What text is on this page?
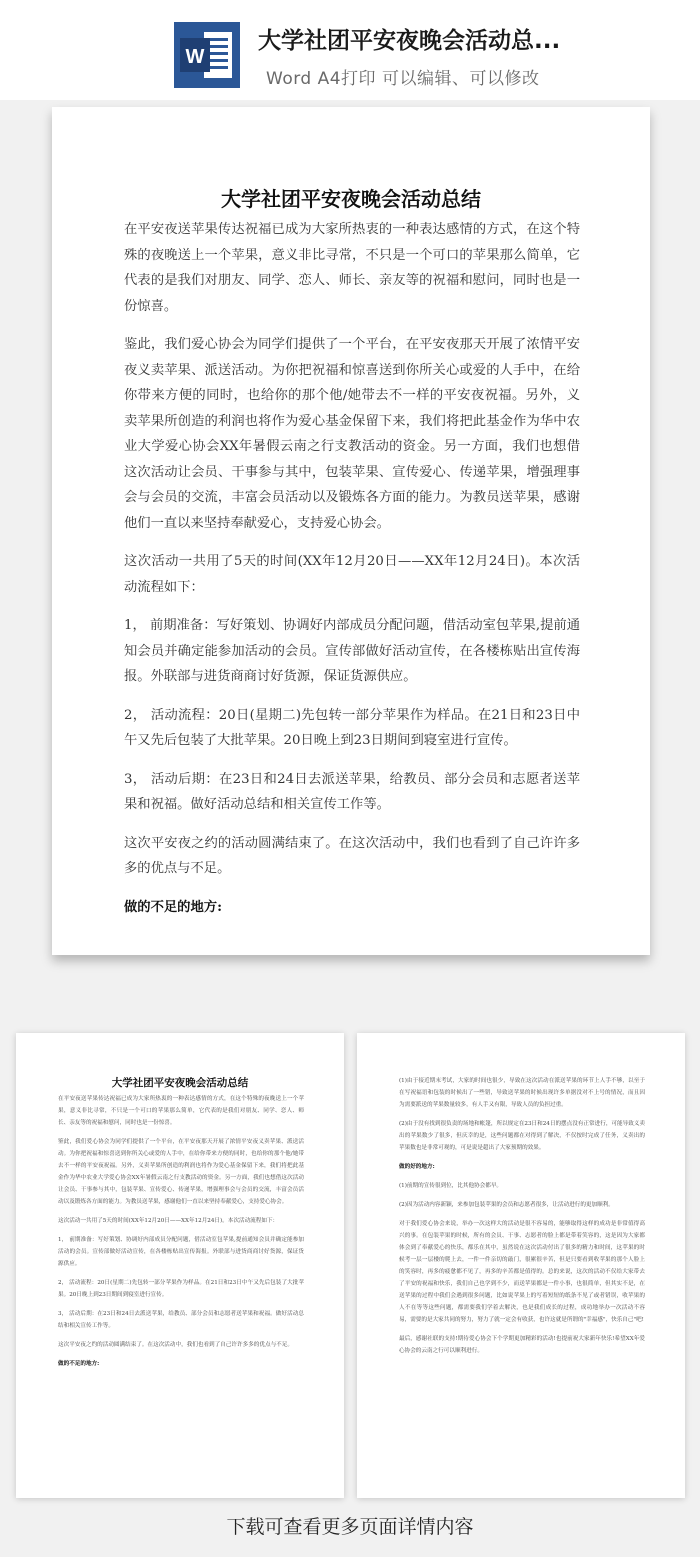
W
大学社团平安夜晚会活动总...
Word A4打印 可以编辑、可以修改
大学社团平安夜晚会活动总结

在平安夜送苹果传达祝福已成为大家所热衷的一种表达感情的方式，在这个特殊的夜晚送上一个苹果，意义非比寻常，不只是一个可口的苹果那么简单，它代表的是我们对朋友、同学、恋人、师长、亲友等的祝福和慰问，同时也是一份惊喜。

鉴此，我们爱心协会为同学们提供了一个平台，在平安夜那天开展了浓情平安夜义卖苹果、派送活动。为你把祝福和惊喜送到你所关心或爱的人手中，在给你带来方便的同时，也给你的那个他/她带去不一样的平安夜祝福。另外，义卖苹果所创造的利润也将作为爱心基金保留下来，我们将把此基金作为华中农业大学爱心协会XX年暑假云南之行支教活动的资金。另一方面，我们也想借这次活动让会员、干事参与其中，包装苹果、宣传爱心、传递苹果，增强理事会与会员的交流，丰富会员活动以及锻炼各方面的能力。为教员送苹果，感谢他们一直以来坚持奉献爱心，支持爱心协会。

这次活动一共用了5天的时间(XX年12月20日——XX年12月24日)。本次活动流程如下：

1， 前期准备：写好策划、协调好内部成员分配问题，借活动室包苹果,提前通知会员并确定能参加活动的会员。宣传部做好活动宣传，在各楼栋贴出宣传海报。外联部与进货商商讨好货源，保证货源供应。

2， 活动流程：20日(星期二)先包转一部分苹果作为样品。在21日和23日中午又先后包装了大批苹果。20日晚上到23日期间到寝室进行宣传。

3， 活动后期：在23日和24日去派送苹果，给教员、部分会员和志愿者送苹果和祝福。做好活动总结和相关宣传工作等。

这次平安夜之约的活动圆满结束了。在这次活动中，我们也看到了自己许许多多的优点与不足。

做的不足的地方:

大学社团平安夜晚会活动总结

在平安夜送苹果传达祝福已成为大家所热衷的一种表达感情的方式，在这个特殊的夜晚送上一个苹果，意义非比寻常，不只是一个可口的苹果那么简单，它代表的是我们对朋友、同学、恋人、师长、亲友等的祝福和慰问，同时也是一份惊喜。

鉴此，我们爱心协会为同学们提供了一个平台，在平安夜那天开展了浓情平安夜义卖苹果、派送活动。为你把祝福和惊喜送到你所关心或爱的人手中，在给你带来方便的同时，也给你的那个他/她带去不一样的平安夜祝福。另外，义卖苹果所创造的利润也将作为爱心基金保留下来，我们将把此基金作为华中农业大学爱心协会XX年暑假云南之行支教活动的资金。另一方面，我们也想借这次活动让会员、干事参与其中，包装苹果、宣传爱心、传递苹果，增强理事会与会员的交流，丰富会员活动以及锻炼各方面的能力。为教员送苹果，感谢他们一直以来坚持奉献爱心，支持爱心协会。

这次活动一共用了5天的时间(XX年12月20日——XX年12月24日)。本次活动流程如下：

1， 前期准备：写好策划、协调好内部成员分配问题，借活动室包苹果,提前通知会员并确定能参加活动的会员。宣传部做好活动宣传，在各楼栋贴出宣传海报。外联部与进货商商讨好货源，保证货源供应。

2， 活动流程：20日(星期二)先包转一部分苹果作为样品。在21日和23日中午又先后包装了大批苹果。20日晚上到23日期间到寝室进行宣传。

3， 活动后期：在23日和24日去派送苹果，给教员、部分会员和志愿者送苹果和祝福。做好活动总结和相关宣传工作等。

这次平安夜之约的活动圆满结束了。在这次活动中，我们也看到了自己许许多多的优点与不足。

做的不足的地方:

(1)由于接近期末考试，大家的时间也很少，导致在这次活动在派送苹果的环节上人手不够，以至于在写祝福语和包装的时候出了一些错，导致送苹果的时候出现许多单据没对不上号的情况，而且因为需要派送的苹果数量较多，有人手又有限，导致人员的负担过重。

(2)由于没有找到很负责的场地和帐篷，所以规定在23日和24日的摆点没有正常进行，可能导致义卖出的苹果数少了很多，但庆幸的是，这些问题都在对得到了解决，不仅按时完成了任务，义卖出的苹果数也是非常可观的，可是说是超出了大家预期的效果。

做的好的地方:

(1)前期的宣传很到位，比其他协会都早。

(2)因为活动内容新颖，来参加包装苹果的会员和志愿者很多，让活动进行的更加顺利。

对于我们爱心协会来说，举办一次这样大的活动是很不容易的，能够取得这样的成功是非常值得高兴的事。在包装苹果的时候，所有的会员、干事、志愿者的脸上都是带着笑容的，这是因为大家都体会到了奉献爱心的快乐，都乐在其中，虽然说在这次活动付出了很多的精力和时间，这苹果的时候考一层一层楼的爬上去，一件一件亲切的敲门，很累很辛苦，但是只要看到收苹果的那个人脸上的笑容时，再多的疲惫都不见了，再多的辛苦都是值得的。总的来说，这次的活动不仅给大家带去了平安的祝福和快乐，我们自己也学到不少，而送苹果都是一件小事，也很简单，但其实不是，在送苹果的过程中我们会遇到很多问题，比如说苹果上的写着短短的纸条不见了或者错误，收苹果的人不在等等这些问题，都需要我们学着去解决，也是我们成长的过程，成功地举办一次活动不容易，需要的是大家共同的努力，努力了就一定会有收获，也许这就是所谓的"幸福感"，快乐自己"吧!

最后，感谢社联的支持!期待爱心协会下个学期更加精彩的活动!也提前祝大家新年快乐!希望XX年爱心协会的云南之行可以顺利进行。

下载可查看更多页面详情内容
